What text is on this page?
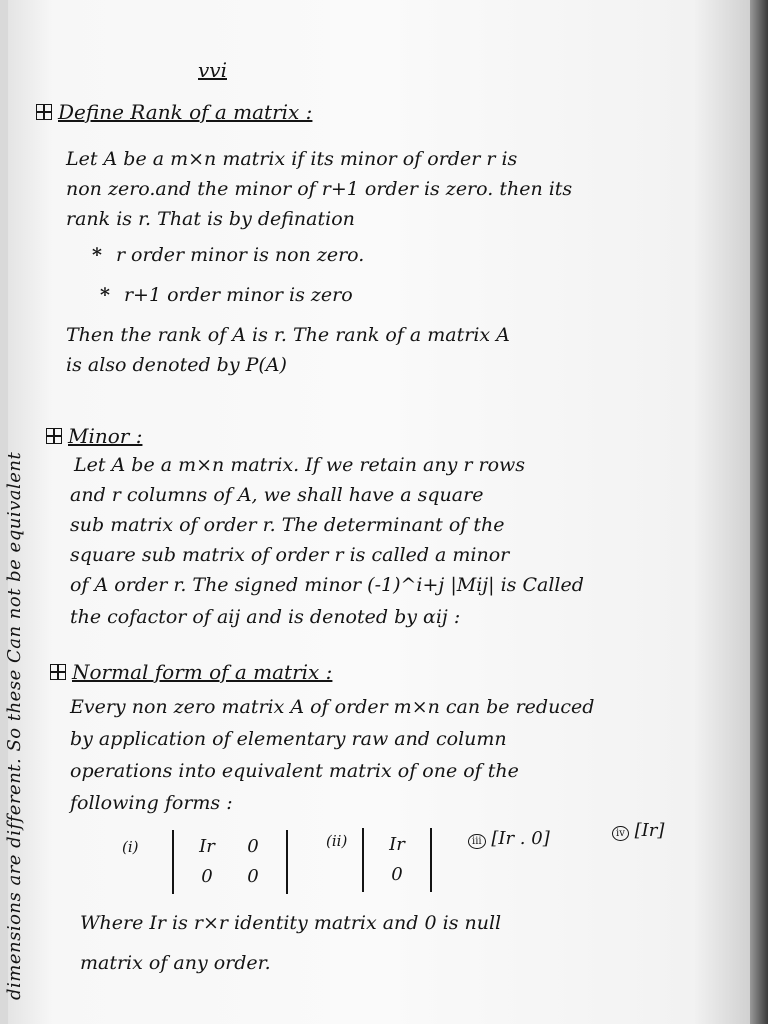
dimensions are different. So these Can not be equivalent
vvi
Define Rank of a matrix :
Let A be a m×n matrix if its minor of order r is
non zero.and the minor of r+1 order is zero. then its
rank is r. That is by defination
* r order minor is non zero.
* r+1 order minor is zero
Then the rank of A is r. The rank of a matrix A
is also denoted by P(A)
Minor :
Let A be a m×n matrix. If we retain any r rows
and r columns of A, we shall have a square
sub matrix of order r. The determinant of the
square sub matrix of order r is called a minor
of A order r. The signed minor (-1)^i+j |Mij| is Called
the cofactor of aij and is denoted by αij :
Normal form of a matrix :
Every non zero matrix A of order m×n can be reduced
by application of elementary raw and column
operations into equivalent matrix of one of the
following forms :
(i)	Ir 0
0 0
(ii)	Ir
0
iii [Ir . 0]	iv [Ir]
Where Ir is r×r identity matrix and 0 is null
matrix of any order.
